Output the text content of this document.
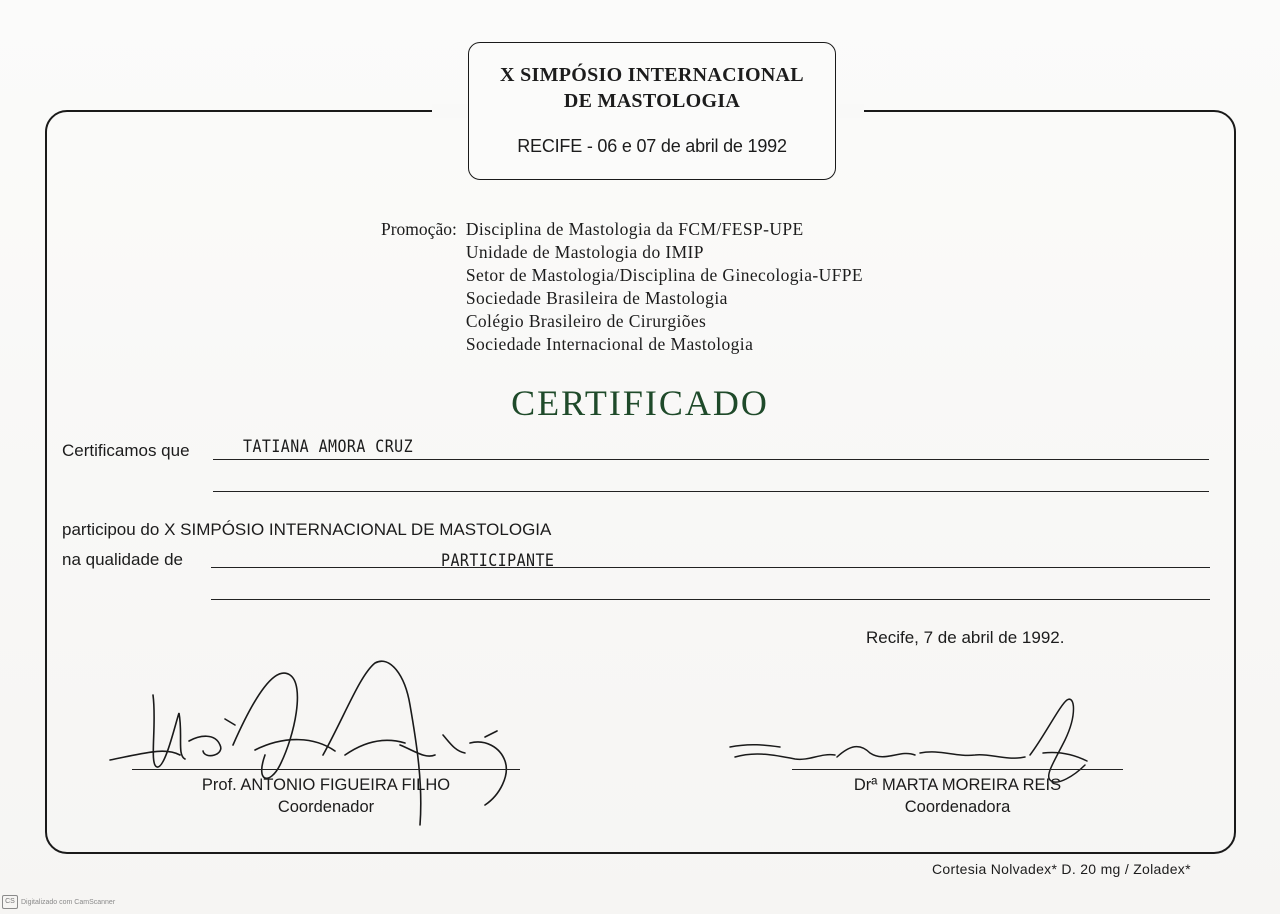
X SIMPÓSIO INTERNACIONAL
DE MASTOLOGIA
RECIFE - 06 e 07 de abril de 1992
Promoção: Disciplina de Mastologia da FCM/FESP-UPE
Unidade de Mastologia do IMIP
Setor de Mastologia/Disciplina de Ginecologia-UFPE
Sociedade Brasileira de Mastologia
Colégio Brasileiro de Cirurgiões
Sociedade Internacional de Mastologia
CERTIFICADO
Certificamos que	TATIANA AMORA CRUZ
participou do X SIMPÓSIO INTERNACIONAL DE MASTOLOGIA
na qualidade de	PARTICIPANTE
Recife, 7 de abril de 1992.
Prof. ANTONIO FIGUEIRA FILHO
Coordenador
Drª MARTA MOREIRA REIS
Coordenadora
Cortesia Nolvadex* D. 20 mg / Zoladex*
CS Digitalizado com CamScanner
